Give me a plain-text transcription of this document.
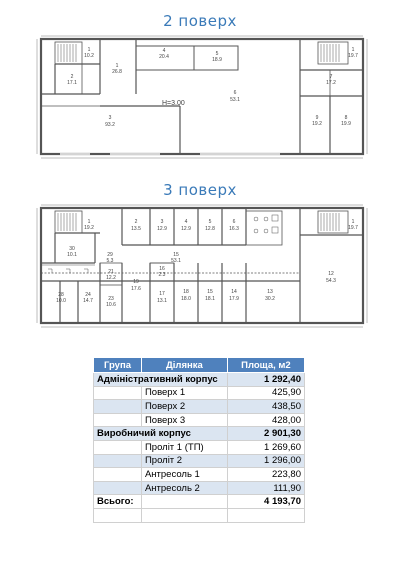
2 поверх
1
10.2
1
26.8
2
17.1
4
20.4	5
18.9
6
53.1
3
93.2
1
19.7
7
17.2
9
19.2
8
19.9
H=3.00
3 поверх
1
19.2
2
13.5
3
12.9
4
12.9
5
12.8
6
16.3
1
19.7
30
10.1	15
53.1
29
5.3
12
54.3
21
12.2
19
17.6
16
2.3
28
10.0
24
14.7	23
10.6
17
13.1
18
18.0
15
18.1
14
17.9
13
30.2
Група	Ділянка	Площа, м2
Адміністративний корпус		1 292,40
	Поверх 1	425,90
	Поверх 2	438,50
	Поверх 3	428,00
Виробничий корпус		2 901,30
	Проліт 1 (ТП)	1 269,60
	Проліт 2	1 296,00
	Антресоль 1	223,80
	Антресоль 2	111,90
Всього:		4 193,70
